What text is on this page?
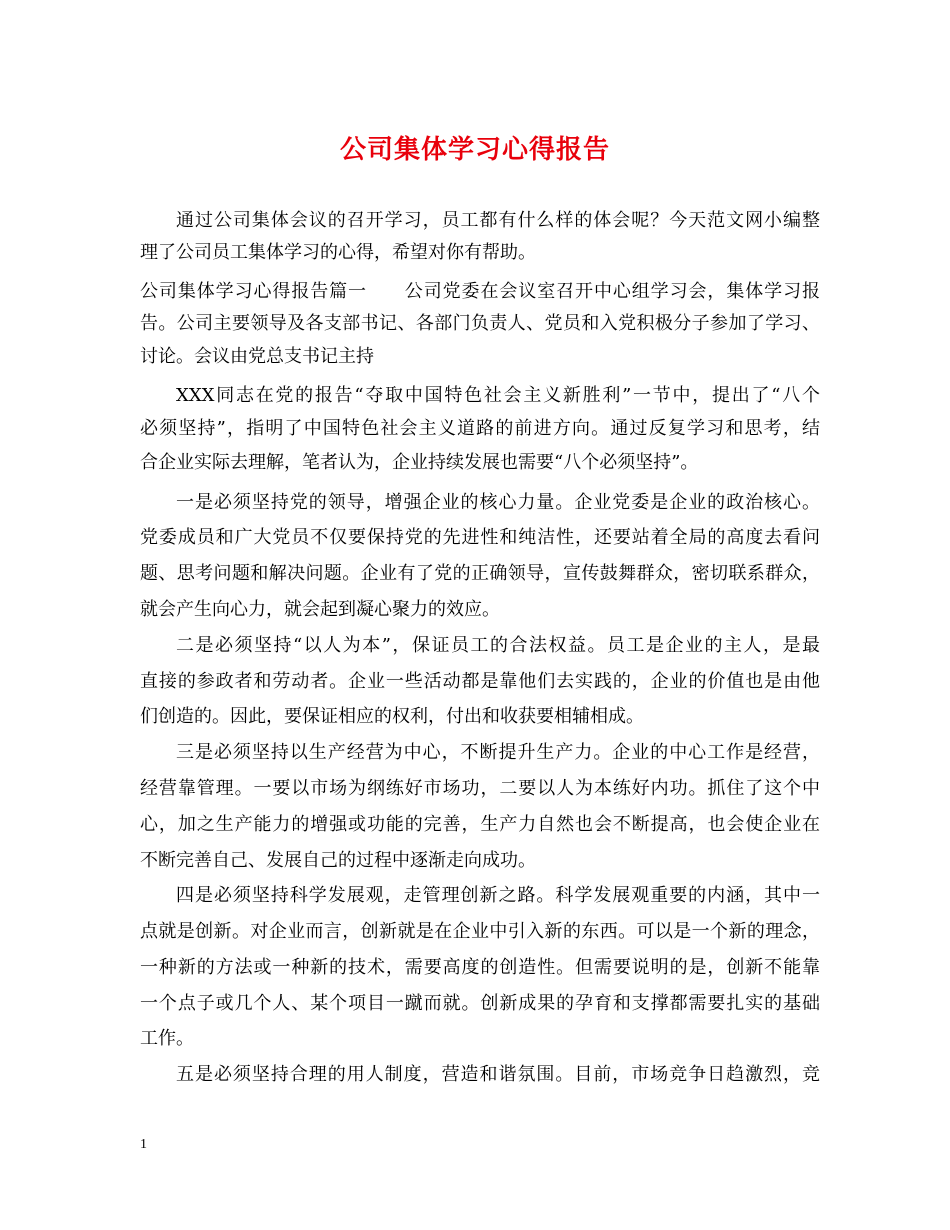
公司集体学习心得报告
通过公司集体会议的召开学习，员工都有什么样的体会呢？今天范文网小编整
理了公司员工集体学习的心得，希望对你有帮助。
公司集体学习心得报告篇一　　公司党委在会议室召开中心组学习会，集体学习报
告。公司主要领导及各支部书记、各部门负责人、党员和入党积极分子参加了学习、
讨论。会议由党总支书记主持
XXX同志在党的报告“夺取中国特色社会主义新胜利”一节中，提出了“八个
必须坚持”，指明了中国特色社会主义道路的前进方向。通过反复学习和思考，结
合企业实际去理解，笔者认为，企业持续发展也需要“八个必须坚持”。
一是必须坚持党的领导，增强企业的核心力量。企业党委是企业的政治核心。
党委成员和广大党员不仅要保持党的先进性和纯洁性，还要站着全局的高度去看问
题、思考问题和解决问题。企业有了党的正确领导，宣传鼓舞群众，密切联系群众，
就会产生向心力，就会起到凝心聚力的效应。
二是必须坚持“以人为本”，保证员工的合法权益。员工是企业的主人，是最
直接的参政者和劳动者。企业一些活动都是靠他们去实践的，企业的价值也是由他
们创造的。因此，要保证相应的权利，付出和收获要相辅相成。
三是必须坚持以生产经营为中心，不断提升生产力。企业的中心工作是经营，
经营靠管理。一要以市场为纲练好市场功，二要以人为本练好内功。抓住了这个中
心，加之生产能力的增强或功能的完善，生产力自然也会不断提高，也会使企业在
不断完善自己、发展自己的过程中逐渐走向成功。
四是必须坚持科学发展观，走管理创新之路。科学发展观重要的内涵，其中一
点就是创新。对企业而言，创新就是在企业中引入新的东西。可以是一个新的理念，
一种新的方法或一种新的技术，需要高度的创造性。但需要说明的是，创新不能靠
一个点子或几个人、某个项目一蹴而就。创新成果的孕育和支撑都需要扎实的基础
工作。
五是必须坚持合理的用人制度，营造和谐氛围。目前，市场竞争日趋激烈，竞
1
